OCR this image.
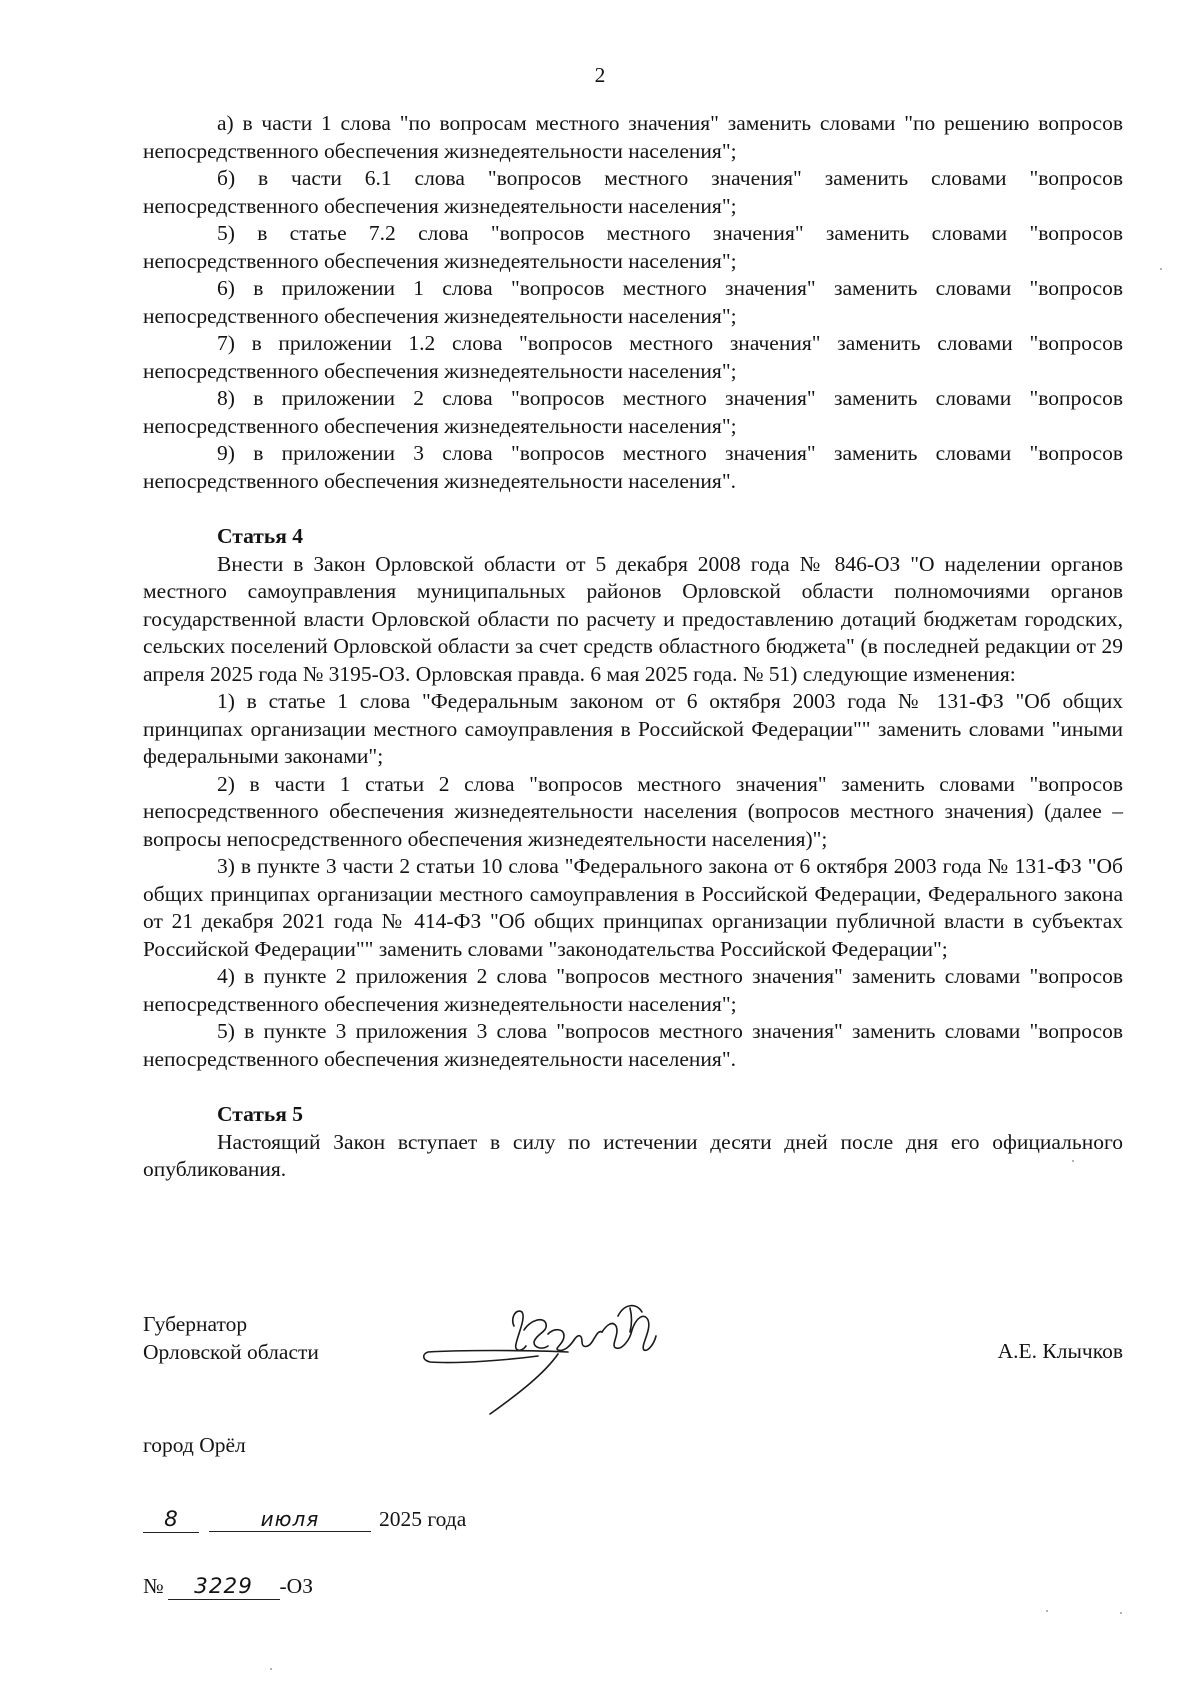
2

а) в части 1 слова "по вопросам местного значения" заменить словами "по решению вопросов непосредственного обеспечения жизнедеятельности населения";

б) в части 6.1 слова "вопросов местного значения" заменить словами "вопросов непосредственного обеспечения жизнедеятельности населения";

5) в статье 7.2 слова "вопросов местного значения" заменить словами "вопросов непосредственного обеспечения жизнедеятельности населения";

6) в приложении 1 слова "вопросов местного значения" заменить словами "вопросов непосредственного обеспечения жизнедеятельности населения";

7) в приложении 1.2 слова "вопросов местного значения" заменить словами "вопросов непосредственного обеспечения жизнедеятельности населения";

8) в приложении 2 слова "вопросов местного значения" заменить словами "вопросов непосредственного обеспечения жизнедеятельности населения";

9) в приложении 3 слова "вопросов местного значения" заменить словами "вопросов непосредственного обеспечения жизнедеятельности населения".

Статья 4

Внести в Закон Орловской области от 5 декабря 2008 года № 846-ОЗ "О наделении органов местного самоуправления муниципальных районов Орловской области полномочиями органов государственной власти Орловской области по расчету и предоставлению дотаций бюджетам городских, сельских поселений Орловской области за счет средств областного бюджета" (в последней редакции от 29 апреля 2025 года № 3195-ОЗ. Орловская правда. 6 мая 2025 года. № 51) следующие изменения:

1) в статье 1 слова "Федеральным законом от 6 октября 2003 года № 131-ФЗ "Об общих принципах организации местного самоуправления в Российской Федерации"" заменить словами "иными федеральными законами";

2) в части 1 статьи 2 слова "вопросов местного значения" заменить словами "вопросов непосредственного обеспечения жизнедеятельности населения (вопросов местного значения) (далее – вопросы непосредственного обеспечения жизнедеятельности населения)";

3) в пункте 3 части 2 статьи 10 слова "Федерального закона от 6 октября 2003 года № 131-ФЗ "Об общих принципах организации местного самоуправления в Российской Федерации, Федерального закона от 21 декабря 2021 года № 414-ФЗ "Об общих принципах организации публичной власти в субъектах Российской Федерации"" заменить словами "законодательства Российской Федерации";

4) в пункте 2 приложения 2 слова "вопросов местного значения" заменить словами "вопросов непосредственного обеспечения жизнедеятельности населения";

5) в пункте 3 приложения 3 слова "вопросов местного значения" заменить словами "вопросов непосредственного обеспечения жизнедеятельности населения".

Статья 5

Настоящий Закон вступает в силу по истечении десяти дней после дня его официального опубликования.

Губернатор
Орловской области	А.Е. Клычков
город Орёл
8	июля	2025 года
№ 3229 -ОЗ
